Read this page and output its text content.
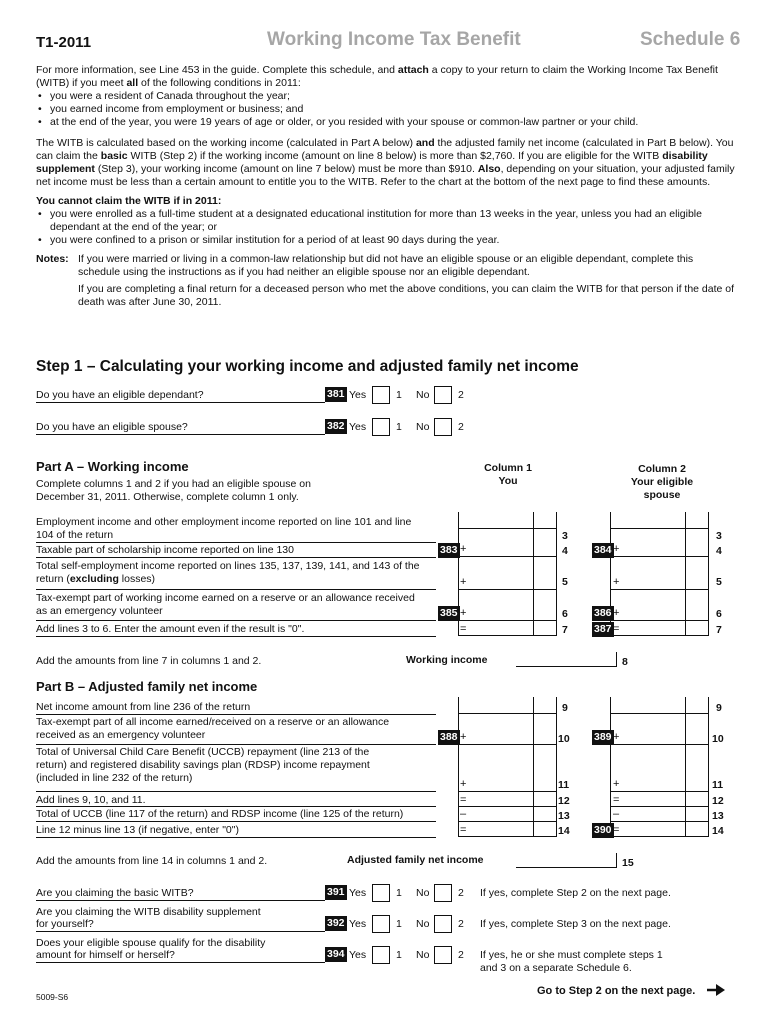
T1-2011	Working Income Tax Benefit	Schedule 6

For more information, see Line 453 in the guide. Complete this schedule, and attach a copy to your return to claim the Working Income Tax Benefit (WITB) if you meet all of the following conditions in 2011:

• you were a resident of Canada throughout the year;
• you earned income from employment or business; and
• at the end of the year, you were 19 years of age or older, or you resided with your spouse or common-law partner or your child.

The WITB is calculated based on the working income (calculated in Part A below) and the adjusted family net income (calculated in Part B below). You can claim the basic WITB (Step 2) if the working income (amount on line 8 below) is more than $2,760. If you are eligible for the WITB disability supplement (Step 3), your working income (amount on line 7 below) must be more than $910. Also, depending on your situation, your adjusted family net income must be less than a certain amount to entitle you to the WITB. Refer to the chart at the bottom of the next page to find these amounts.

You cannot claim the WITB if in 2011:

• you were enrolled as a full-time student at a designated educational institution for more than 13 weeks in the year, unless you had an eligible dependant at the end of the year; or
• you were confined to a prison or similar institution for a period of at least 90 days during the year.
Notes: If you were married or living in a common-law relationship but did not have an eligible spouse or an eligible dependant, complete this schedule using the instructions as if you had neither an eligible spouse nor an eligible dependant.

If you are completing a final return for a deceased person who met the above conditions, you can claim the WITB for that person if the date of death was after June 30, 2011.

Step 1 – Calculating your working income and adjusted family net income
Do you have an eligible dependant?	381 Yes	1 No	2
Do you have an eligible spouse?	382 Yes	1 No	2
Part A – Working income
Complete columns 1 and 2 if you had an eligible spouse on December 31, 2011. Otherwise, complete column 1 only.
Column 1
You
Column 2
Your eligible
spouse
Employment income and other employment income reported on line 101 and line 104 of the return	3	3
Taxable part of scholarship income reported on line 130	383 +	4 384 +	4
Total self-employment income reported on lines 135, 137, 139, 141, and 143 of the return (excluding losses)	+	5	+	5
Tax-exempt part of working income earned on a reserve or an allowance received as an emergency volunteer	385 +	6 386 +	6
Add lines 3 to 6. Enter the amount even if the result is "0".	=	7 387 =	7
Add the amounts from line 7 in columns 1 and 2.	Working income	8
Part B – Adjusted family net income
Net income amount from line 236 of the return	9	9
Tax-exempt part of all income earned/received on a reserve or an allowance received as an emergency volunteer	388 +	10 389 +	10
Total of Universal Child Care Benefit (UCCB) repayment (line 213 of the return) and registered disability savings plan (RDSP) income repayment (included in line 232 of the return)	+	11	+	11
Add lines 9, 10, and 11.	=	12	=	12
Total of UCCB (line 117 of the return) and RDSP income (line 125 of the return)	–	13	–	13
Line 12 minus line 13 (if negative, enter "0")	=	14 390 =	14
Add the amounts from line 14 in columns 1 and 2.	Adjusted family net income	15
Are you claiming the basic WITB?	391 Yes	1 No	2 If yes, complete Step 2 on the next page.
Are you claiming the WITB disability supplement
for yourself?	392 Yes	1 No	2 If yes, complete Step 3 on the next page.
Does your eligible spouse qualify for the disability
amount for himself or herself?	394 Yes	1 No	2 If yes, he or she must complete steps 1
and 3 on a separate Schedule 6.
5009-S6	Go to Step 2 on the next page.
